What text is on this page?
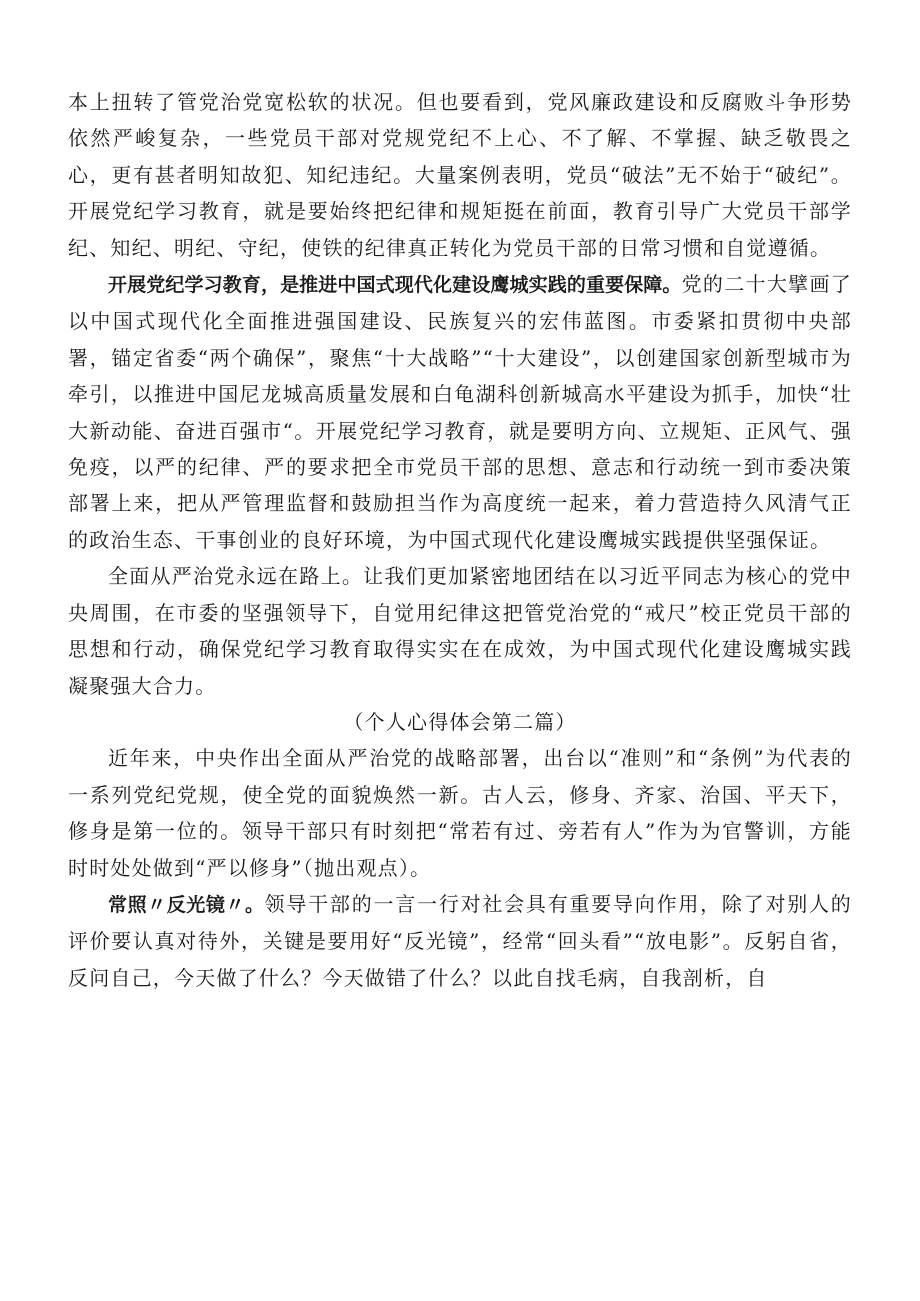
本上扭转了管党治党宽松软的状况。但也要看到，党风廉政建设和反腐败斗争形势依然严峻复杂，一些党员干部对党规党纪不上心、不了解、不掌握、缺乏敬畏之心，更有甚者明知故犯、知纪违纪。大量案例表明，党员“破法”无不始于“破纪”。开展党纪学习教育，就是要始终把纪律和规矩挺在前面，教育引导广大党员干部学纪、知纪、明纪、守纪，使铁的纪律真正转化为党员干部的日常习惯和自觉遵循。

开展党纪学习教育，是推进中国式现代化建设鹰城实践的重要保障。党的二十大擘画了以中国式现代化全面推进强国建设、民族复兴的宏伟蓝图。市委紧扣贯彻中央部署，锚定省委“两个确保”，聚焦“十大战略”“十大建设”，以创建国家创新型城市为牵引，以推进中国尼龙城高质量发展和白龟湖科创新城高水平建设为抓手，加快“壮大新动能、奋进百强市“。开展党纪学习教育，就是要明方向、立规矩、正风气、强免疫，以严的纪律、严的要求把全市党员干部的思想、意志和行动统一到市委决策部署上来，把从严管理监督和鼓励担当作为高度统一起来，着力营造持久风清气正的政治生态、干事创业的良好环境，为中国式现代化建设鹰城实践提供坚强保证。

全面从严治党永远在路上。让我们更加紧密地团结在以习近平同志为核心的党中央周围，在市委的坚强领导下，自觉用纪律这把管党治党的“戒尺”校正党员干部的思想和行动，确保党纪学习教育取得实实在在成效，为中国式现代化建设鹰城实践凝聚强大合力。

（个人心得体会第二篇）

近年来，中央作出全面从严治党的战略部署，出台以“准则”和“条例”为代表的一系列党纪党规，使全党的面貌焕然一新。古人云，修身、齐家、治国、平天下，修身是第一位的。领导干部只有时刻把“常若有过、旁若有人”作为为官警训，方能时时处处做到“严以修身”（抛出观点）。

常照〃反光镜〃。领导干部的一言一行对社会具有重要导向作用，除了对别人的评价要认真对待外，关键是要用好“反光镜”，经常“回头看”“放电影”。反躬自省，反问自己，今天做了什么？今天做错了什么？以此自找毛病，自我剖析，自
